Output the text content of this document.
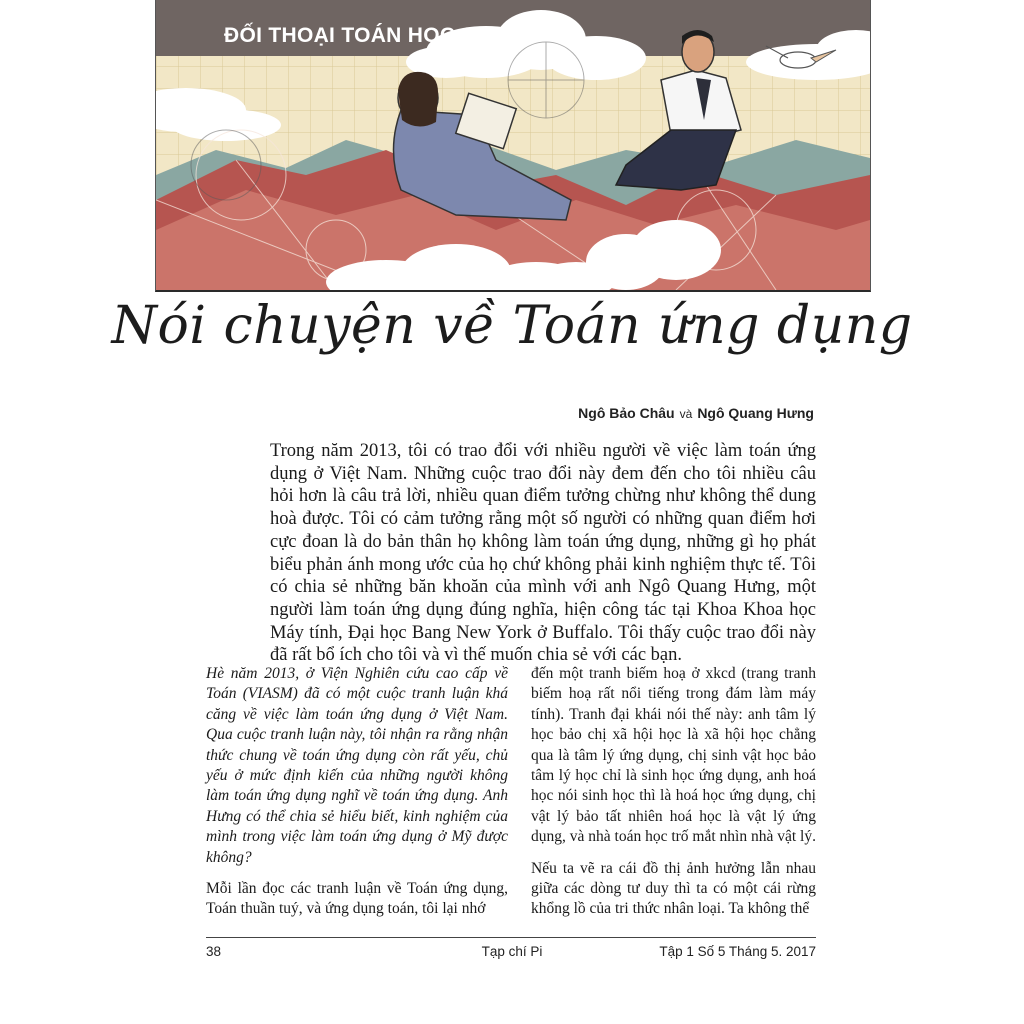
ĐỐI THOẠI TOÁN HỌC
Nói chuyện về Toán ứng dụng
Ngô Bảo Châu và Ngô Quang Hưng
Trong năm 2013, tôi có trao đổi với nhiều người về việc làm toán ứng dụng ở Việt Nam. Những cuộc trao đổi này đem đến cho tôi nhiều câu hỏi hơn là câu trả lời, nhiều quan điểm tưởng chừng như không thể dung hoà được. Tôi có cảm tưởng rằng một số người có những quan điểm hơi cực đoan là do bản thân họ không làm toán ứng dụng, những gì họ phát biểu phản ánh mong ước của họ chứ không phải kinh nghiệm thực tế. Tôi có chia sẻ những băn khoăn của mình với anh Ngô Quang Hưng, một người làm toán ứng dụng đúng nghĩa, hiện công tác tại Khoa Khoa học Máy tính, Đại học Bang New York ở Buffalo. Tôi thấy cuộc trao đổi này đã rất bổ ích cho tôi và vì thế muốn chia sẻ với các bạn.

Hè năm 2013, ở Viện Nghiên cứu cao cấp về Toán (VIASM) đã có một cuộc tranh luận khá căng về việc làm toán ứng dụng ở Việt Nam. Qua cuộc tranh luận này, tôi nhận ra rằng nhận thức chung về toán ứng dụng còn rất yếu, chủ yếu ở mức định kiến của những người không làm toán ứng dụng nghĩ về toán ứng dụng. Anh Hưng có thể chia sẻ hiểu biết, kinh nghiệm của mình trong việc làm toán ứng dụng ở Mỹ được không?

Mỗi lần đọc các tranh luận về Toán ứng dụng, Toán thuần tuý, và ứng dụng toán, tôi lại nhớ

đến một tranh biếm hoạ ở xkcd (trang tranh biếm hoạ rất nổi tiếng trong đám làm máy tính). Tranh đại khái nói thế này: anh tâm lý học bảo chị xã hội học là xã hội học chẳng qua là tâm lý ứng dụng, chị sinh vật học bảo tâm lý học chỉ là sinh học ứng dụng, anh hoá học nói sinh học thì là hoá học ứng dụng, chị vật lý bảo tất nhiên hoá học là vật lý ứng dụng, và nhà toán học trố mắt nhìn nhà vật lý.

Nếu ta vẽ ra cái đồ thị ảnh hưởng lẫn nhau giữa các dòng tư duy thì ta có một cái rừng khổng lồ của tri thức nhân loại. Ta không thể

38	Tạp chí Pi	Tập 1 Số 5 Tháng 5. 2017
